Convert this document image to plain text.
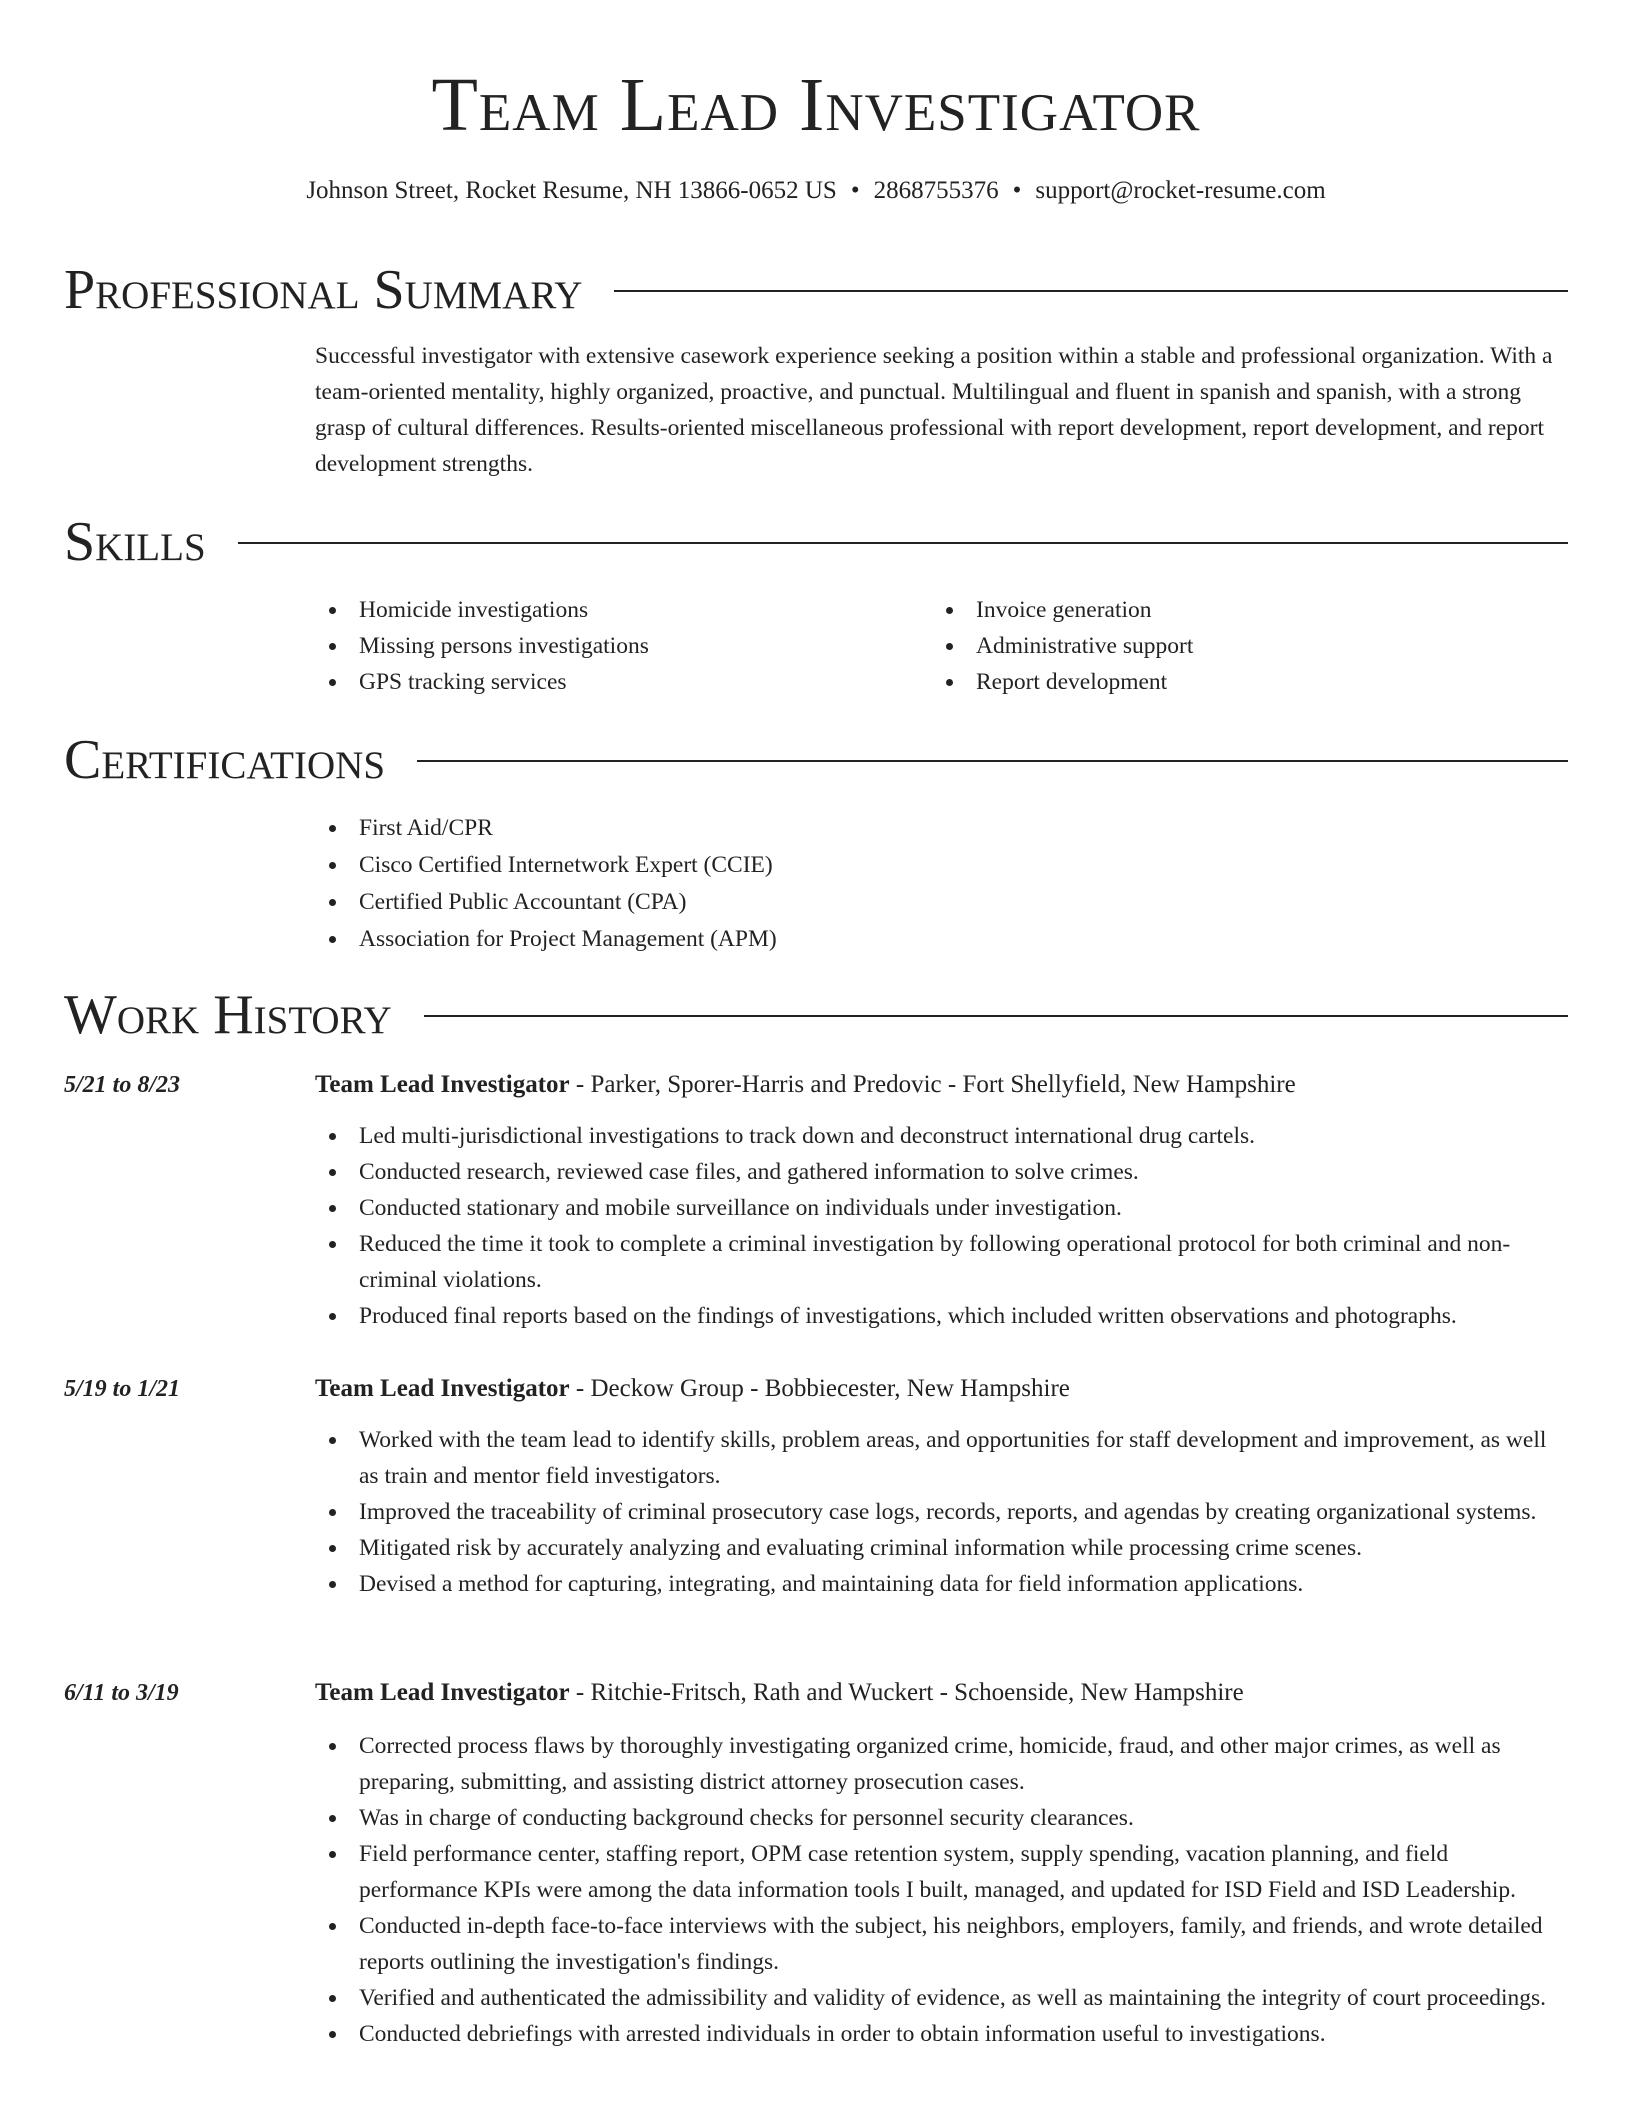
Team Lead Investigator
Johnson Street, Rocket Resume, NH 13866-0652 US • 2868755376 • support@rocket-resume.com
Professional Summary

Successful investigator with extensive casework experience seeking a position within a stable and professional organization. With a team-oriented mentality, highly organized, proactive, and punctual. Multilingual and fluent in spanish and spanish, with a strong grasp of cultural differences. Results-oriented miscellaneous professional with report development, report development, and report development strengths.

Skills
Homicide investigations
Missing persons investigations
GPS tracking services
Invoice generation
Administrative support
Report development
Certifications
First Aid/CPR
Cisco Certified Internetwork Expert (CCIE)
Certified Public Accountant (CPA)
Association for Project Management (APM)
Work History
5/21 to 8/23	Team Lead Investigator - Parker, Sporer-Harris and Predovic - Fort Shellyfield, New Hampshire
Led multi-jurisdictional investigations to track down and deconstruct international drug cartels.
Conducted research, reviewed case files, and gathered information to solve crimes.
Conducted stationary and mobile surveillance on individuals under investigation.
Reduced the time it took to complete a criminal investigation by following operational protocol for both criminal and non-criminal violations.
Produced final reports based on the findings of investigations, which included written observations and photographs.
5/19 to 1/21	Team Lead Investigator - Deckow Group - Bobbiecester, New Hampshire
Worked with the team lead to identify skills, problem areas, and opportunities for staff development and improvement, as well as train and mentor field investigators.
Improved the traceability of criminal prosecutory case logs, records, reports, and agendas by creating organizational systems.
Mitigated risk by accurately analyzing and evaluating criminal information while processing crime scenes.
Devised a method for capturing, integrating, and maintaining data for field information applications.
6/11 to 3/19	Team Lead Investigator - Ritchie-Fritsch, Rath and Wuckert - Schoenside, New Hampshire
Corrected process flaws by thoroughly investigating organized crime, homicide, fraud, and other major crimes, as well as preparing, submitting, and assisting district attorney prosecution cases.
Was in charge of conducting background checks for personnel security clearances.
Field performance center, staffing report, OPM case retention system, supply spending, vacation planning, and field performance KPIs were among the data information tools I built, managed, and updated for ISD Field and ISD Leadership.
Conducted in-depth face-to-face interviews with the subject, his neighbors, employers, family, and friends, and wrote detailed reports outlining the investigation's findings.
Verified and authenticated the admissibility and validity of evidence, as well as maintaining the integrity of court proceedings.
Conducted debriefings with arrested individuals in order to obtain information useful to investigations.
